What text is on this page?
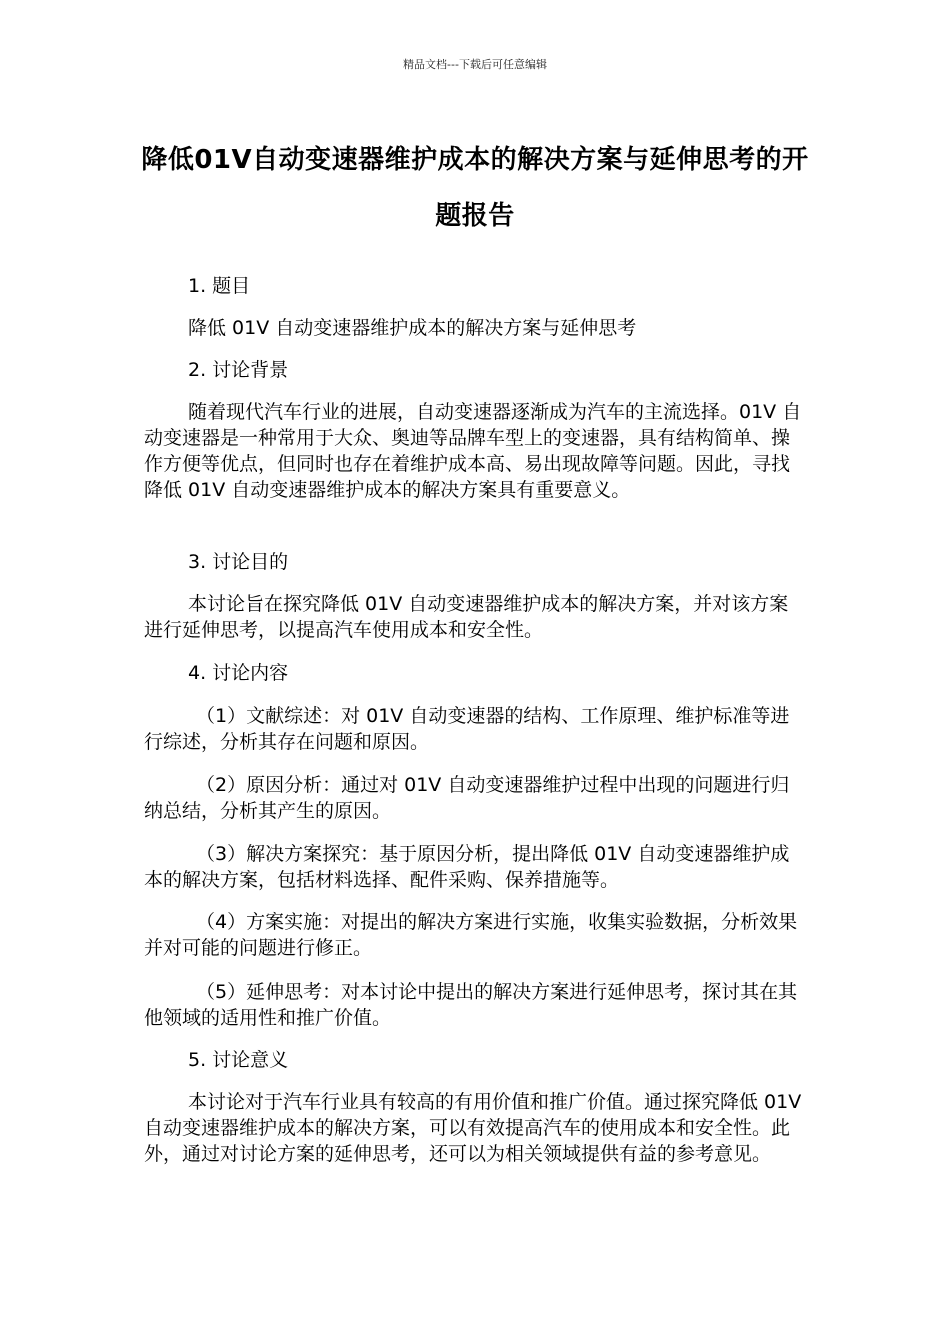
精品文档---下载后可任意编辑
降低01V自动变速器维护成本的解决方案与延伸思考的开题报告

1. 题目

降低 01V 自动变速器维护成本的解决方案与延伸思考

2. 讨论背景

随着现代汽车行业的进展，自动变速器逐渐成为汽车的主流选择。01V 自动变速器是一种常用于大众、奥迪等品牌车型上的变速器，具有结构简单、操作方便等优点，但同时也存在着维护成本高、易出现故障等问题。因此，寻找降低 01V 自动变速器维护成本的解决方案具有重要意义。

3. 讨论目的

本讨论旨在探究降低 01V 自动变速器维护成本的解决方案，并对该方案进行延伸思考，以提高汽车使用成本和安全性。

4. 讨论内容

（1）文献综述：对 01V 自动变速器的结构、工作原理、维护标准等进行综述，分析其存在问题和原因。

（2）原因分析：通过对 01V 自动变速器维护过程中出现的问题进行归纳总结，分析其产生的原因。

（3）解决方案探究：基于原因分析，提出降低 01V 自动变速器维护成本的解决方案，包括材料选择、配件采购、保养措施等。

（4）方案实施：对提出的解决方案进行实施，收集实验数据，分析效果并对可能的问题进行修正。

（5）延伸思考：对本讨论中提出的解决方案进行延伸思考，探讨其在其他领域的适用性和推广价值。

5. 讨论意义

本讨论对于汽车行业具有较高的有用价值和推广价值。通过探究降低 01V 自动变速器维护成本的解决方案，可以有效提高汽车的使用成本和安全性。此外，通过对讨论方案的延伸思考，还可以为相关领域提供有益的参考意见。
